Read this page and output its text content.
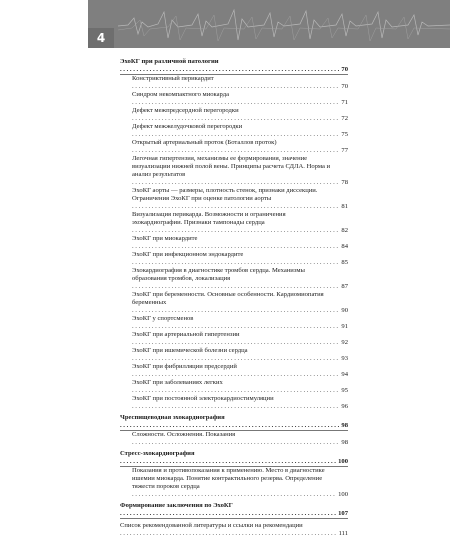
4
ЭхоКГ при различной патологии . . .
70
Констриктивный перикардит . . .
70
Синдром некомпактного миокарда . . .
71
Дефект межпредсердной перегородки . . .
72
Дефект межжелудочковой перегородки . . .
75
Открытый артериальный проток (Боталлов проток) . . .
77
Легочная гипертензия, механизмы ее формирования, значение визуализации нижней полой вены. Принципы расчета СДЛА. Норма и анализ результатов . . .
78
ЭхоКГ аорты — размеры, плотность стенок, признаки диссекции. Ограничения ЭхоКГ при оценке патологии аорты . . .
81
Визуализация перикарда. Возможности и ограничения эхокардиографии. Признаки тампонады сердца . . .
82
ЭхоКГ при миокардите . . .
84
ЭхоКГ при инфекционном эндокардите . . .
85
Эхокардиография в диагностике тромбов сердца. Механизмы образования тромбов, локализация . . .
87
ЭхоКГ при беременности. Основные особенности. Кардиомиопатия беременных . . .
90
ЭхоКГ у спортсменов . . .
91
ЭхоКГ при артериальной гипертензии . . .
92
ЭхоКГ при ишемической болезни сердца . . .
93
ЭхоКГ при фибрилляции предсердий . . .
94
ЭхоКГ при заболеваниях легких . . .
95
ЭхоКГ при постоянной электрокардиостимуляции . . .
96
Чреспищеводная эхокардиография . . .
98
Сложности. Осложнения. Показания . . .
98
Стресс-эхокардиография . . .
100
Показания и противопоказания к применению. Место в диагностике ишемии миокарда. Понятие контрактильного резерва. Определение тяжести пороков сердца . . .
100
Формирование заключения по ЭхоКГ . . .
107
Список рекомендованной литературы и ссылки на рекомендации . . .
111
